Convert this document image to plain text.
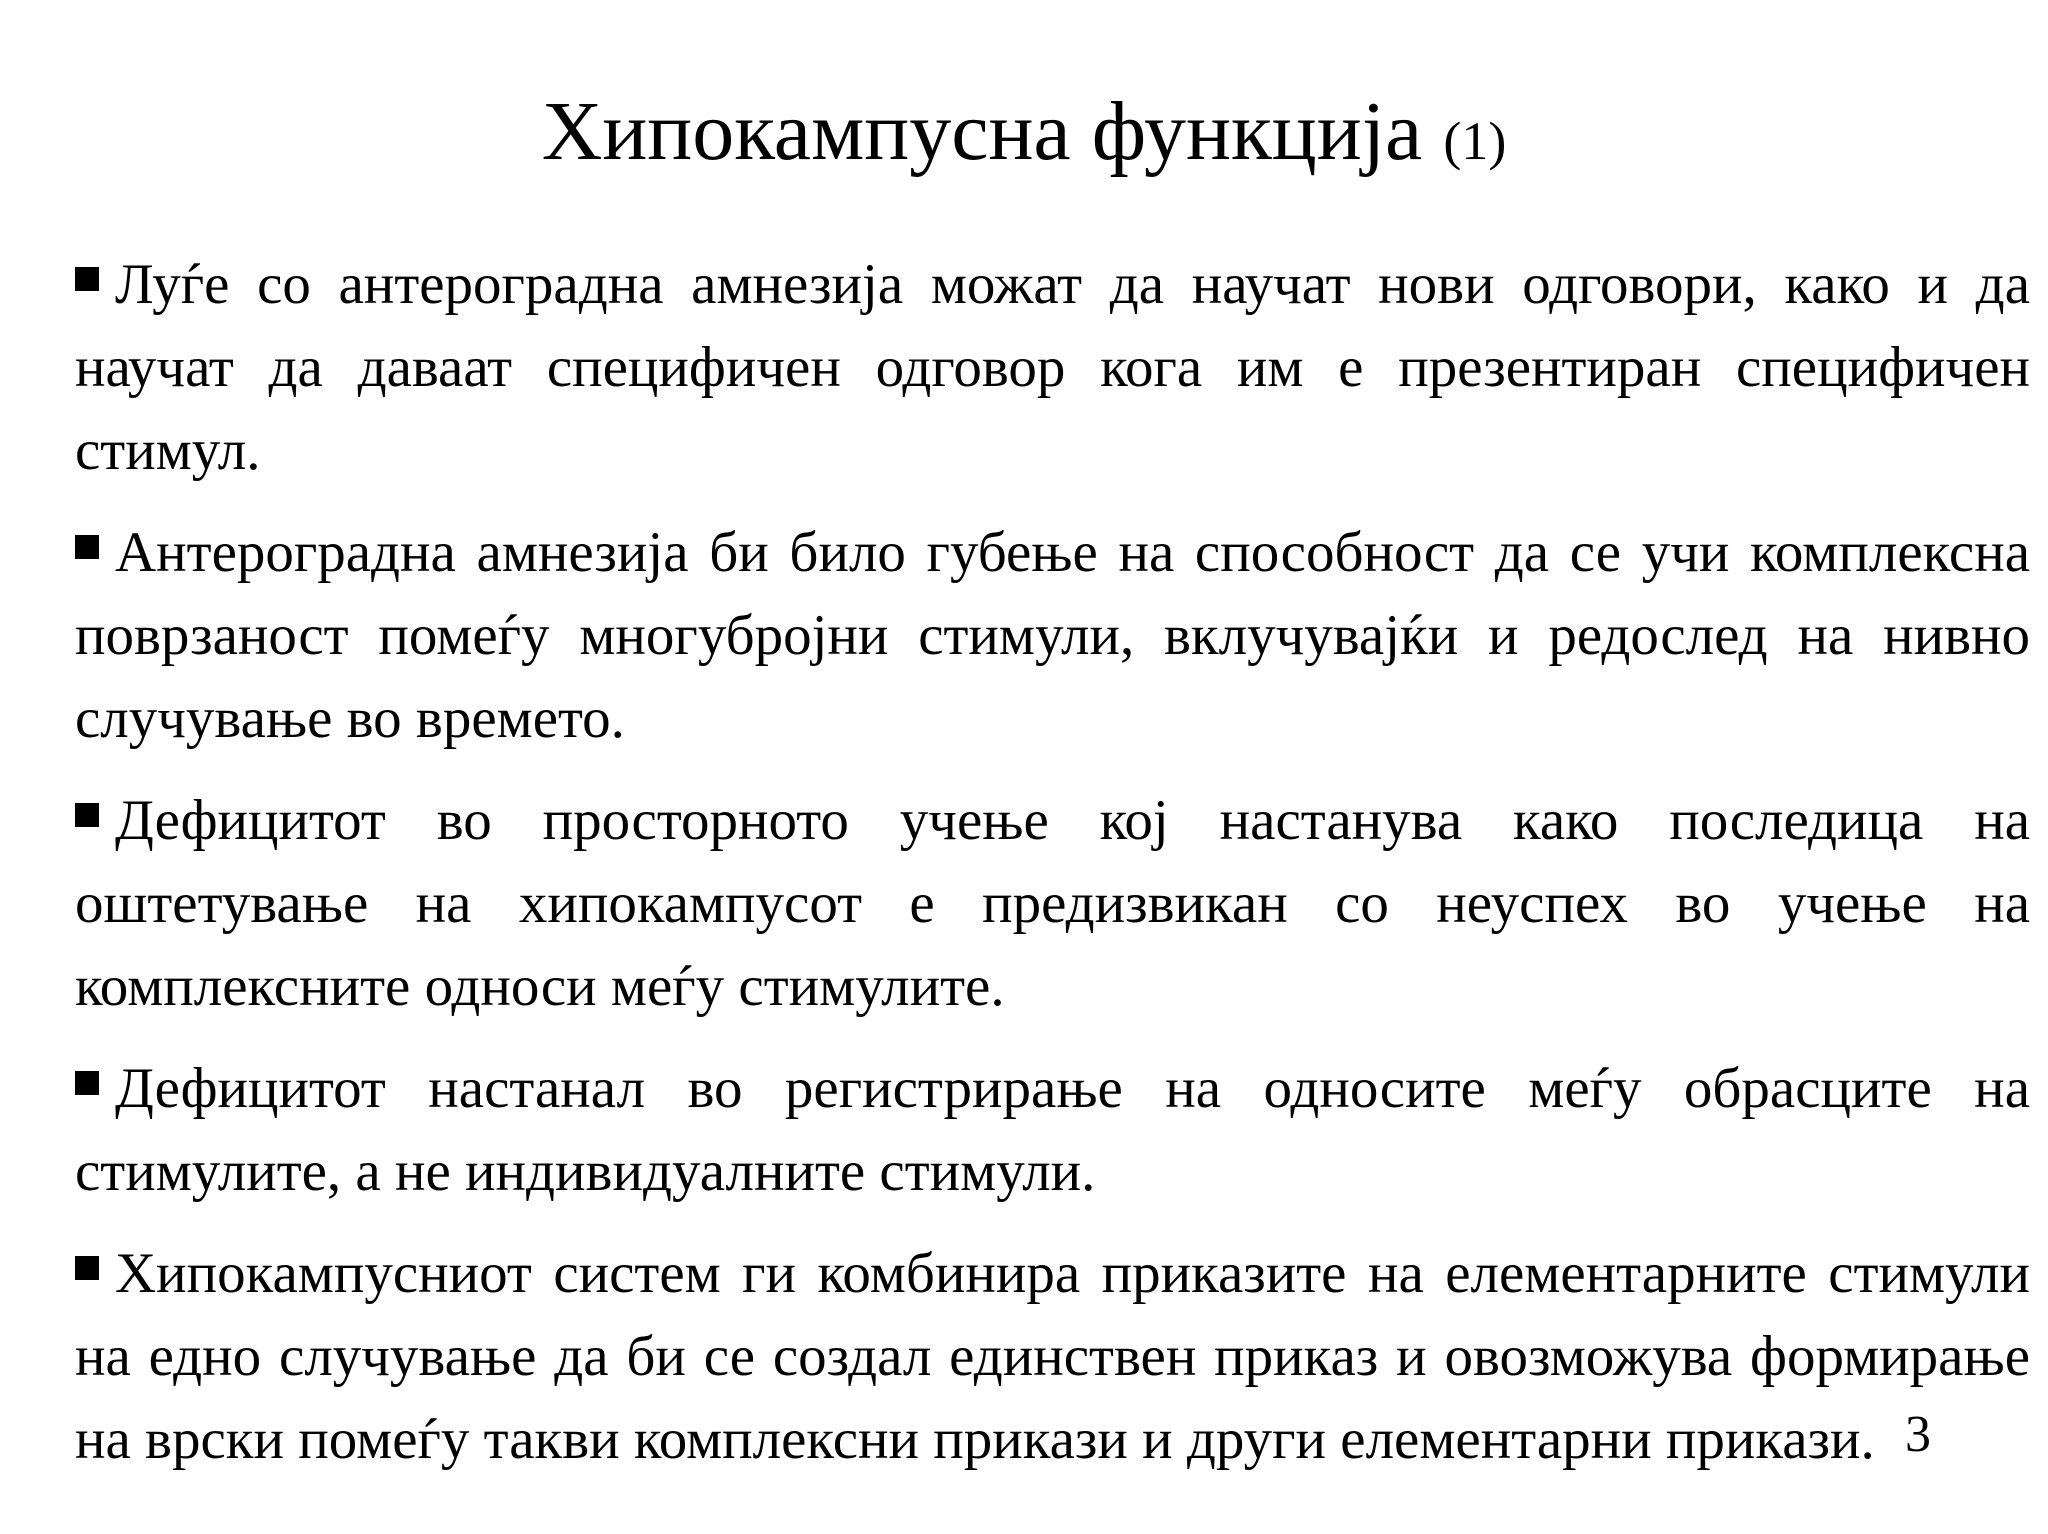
Хипокампусна функција (1)
Луѓе со антероградна амнезија можат да научат нови одговори, како и да научат да даваат специфичен одговор кога им е презентиран специфичен стимул.
Антероградна амнезија би било губење на способност да се учи комплексна поврзаност помеѓу многубројни стимули, вклучувајќи и редослед на нивно случување во времето.
Дефицитот во просторното учење кој настанува како последица на оштетување на хипокампусот е предизвикан со неуспех во учење на комплексните односи меѓу стимулите.
Дефицитот настанал во регистрирање на односите меѓу обрасците на стимулите, а не индивидуалните стимули.
Хипокампусниот систем ги комбинира приказите на елементарните стимули на едно случување да би се создал единствен приказ и овозможува формирање на врски помеѓу такви комплексни прикази и други елементарни прикази. 3
